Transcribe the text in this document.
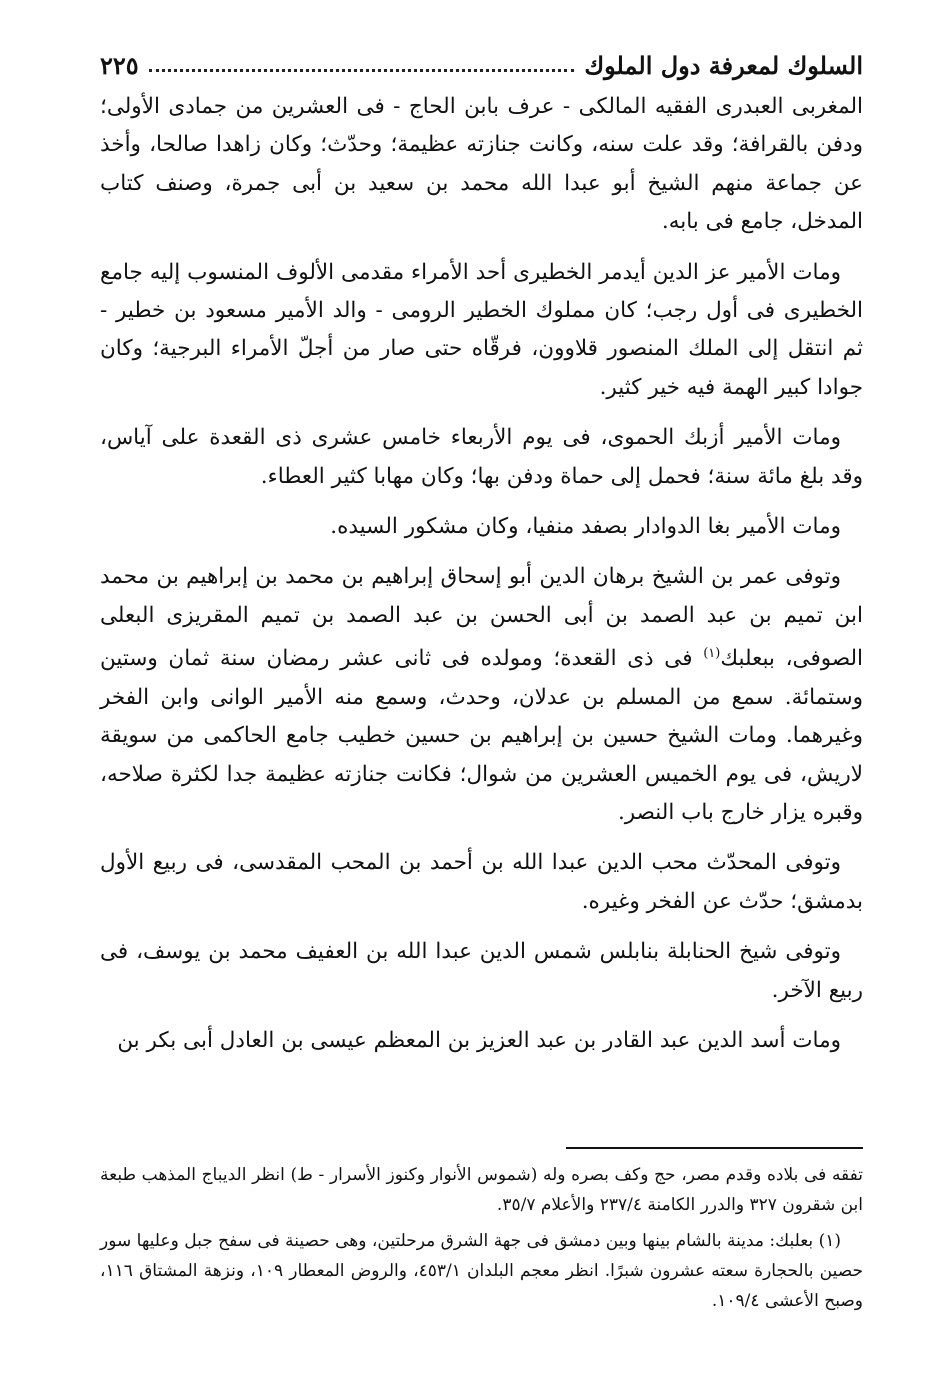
السلوك لمعرفة دول الملوك
٢٢٥

المغربى العبدرى الفقيه المالكى - عرف بابن الحاج - فى العشرين من جمادى الأولى؛ ودفن بالقرافة؛ وقد علت سنه، وكانت جنازته عظيمة؛ وحدّث؛ وكان زاهدا صالحا، وأخذ عن جماعة منهم الشيخ أبو عبدا الله محمد بن سعيد بن أبى جمرة، وصنف كتاب المدخل، جامع فى بابه.

ومات الأمير عز الدين أيدمر الخطيرى أحد الأمراء مقدمى الألوف المنسوب إليه جامع الخطيرى فى أول رجب؛ كان مملوك الخطير الرومى - والد الأمير مسعود بن خطير - ثم انتقل إلى الملك المنصور قلاوون، فرقّاه حتى صار من أجلّ الأمراء البرجية؛ وكان جوادا كبير الهمة فيه خير كثير.

ومات الأمير أزبك الحموى، فى يوم الأربعاء خامس عشرى ذى القعدة على آياس، وقد بلغ مائة سنة؛ فحمل إلى حماة ودفن بها؛ وكان مهابا كثير العطاء.

ومات الأمير بغا الدوادار بصفد منفيا، وكان مشكور السيده.

وتوفى عمر بن الشيخ برهان الدين أبو إسحاق إبراهيم بن محمد بن إبراهيم بن محمد ابن تميم بن عبد الصمد بن أبى الحسن بن عبد الصمد بن تميم المقريزى البعلى الصوفى، ببعلبك$^{(١)}$ فى ذى القعدة؛ ومولده فى ثانى عشر رمضان سنة ثمان وستين وستمائة. سمع من المسلم بن عدلان، وحدث، وسمع منه الأمير الوانى وابن الفخر وغيرهما. ومات الشيخ حسين بن إبراهيم بن حسين خطيب جامع الحاكمى من سويقة لاريش، فى يوم الخميس العشرين من شوال؛ فكانت جنازته عظيمة جدا لكثرة صلاحه، وقبره يزار خارج باب النصر.

وتوفى المحدّث محب الدين عبدا الله بن أحمد بن المحب المقدسى، فى ربيع الأول بدمشق؛ حدّث عن الفخر وغيره.

وتوفى شيخ الحنابلة بنابلس شمس الدين عبدا الله بن العفيف محمد بن يوسف، فى ربيع الآخر.

ومات أسد الدين عبد القادر بن عبد العزيز بن المعظم عيسى بن العادل أبى بكر بن

تفقه فى بلاده وقدم مصر، حج وكف بصره وله (شموس الأنوار وكنوز الأسرار - ط) انظر الديباج المذهب طبعة ابن شقرون ٣٢٧ والدرر الكامنة ٢٣٧/٤ والأعلام ٣٥/٧.

(١) بعلبك: مدينة بالشام بينها وبين دمشق فى جهة الشرق مرحلتين، وهى حصينة فى سفح جبل وعليها سور حصين بالحجارة سعته عشرون شبرًا. انظر معجم البلدان ٤٥٣/١، والروض المعطار ١٠٩، ونزهة المشتاق ١١٦، وصبح الأعشى ١٠٩/٤.
